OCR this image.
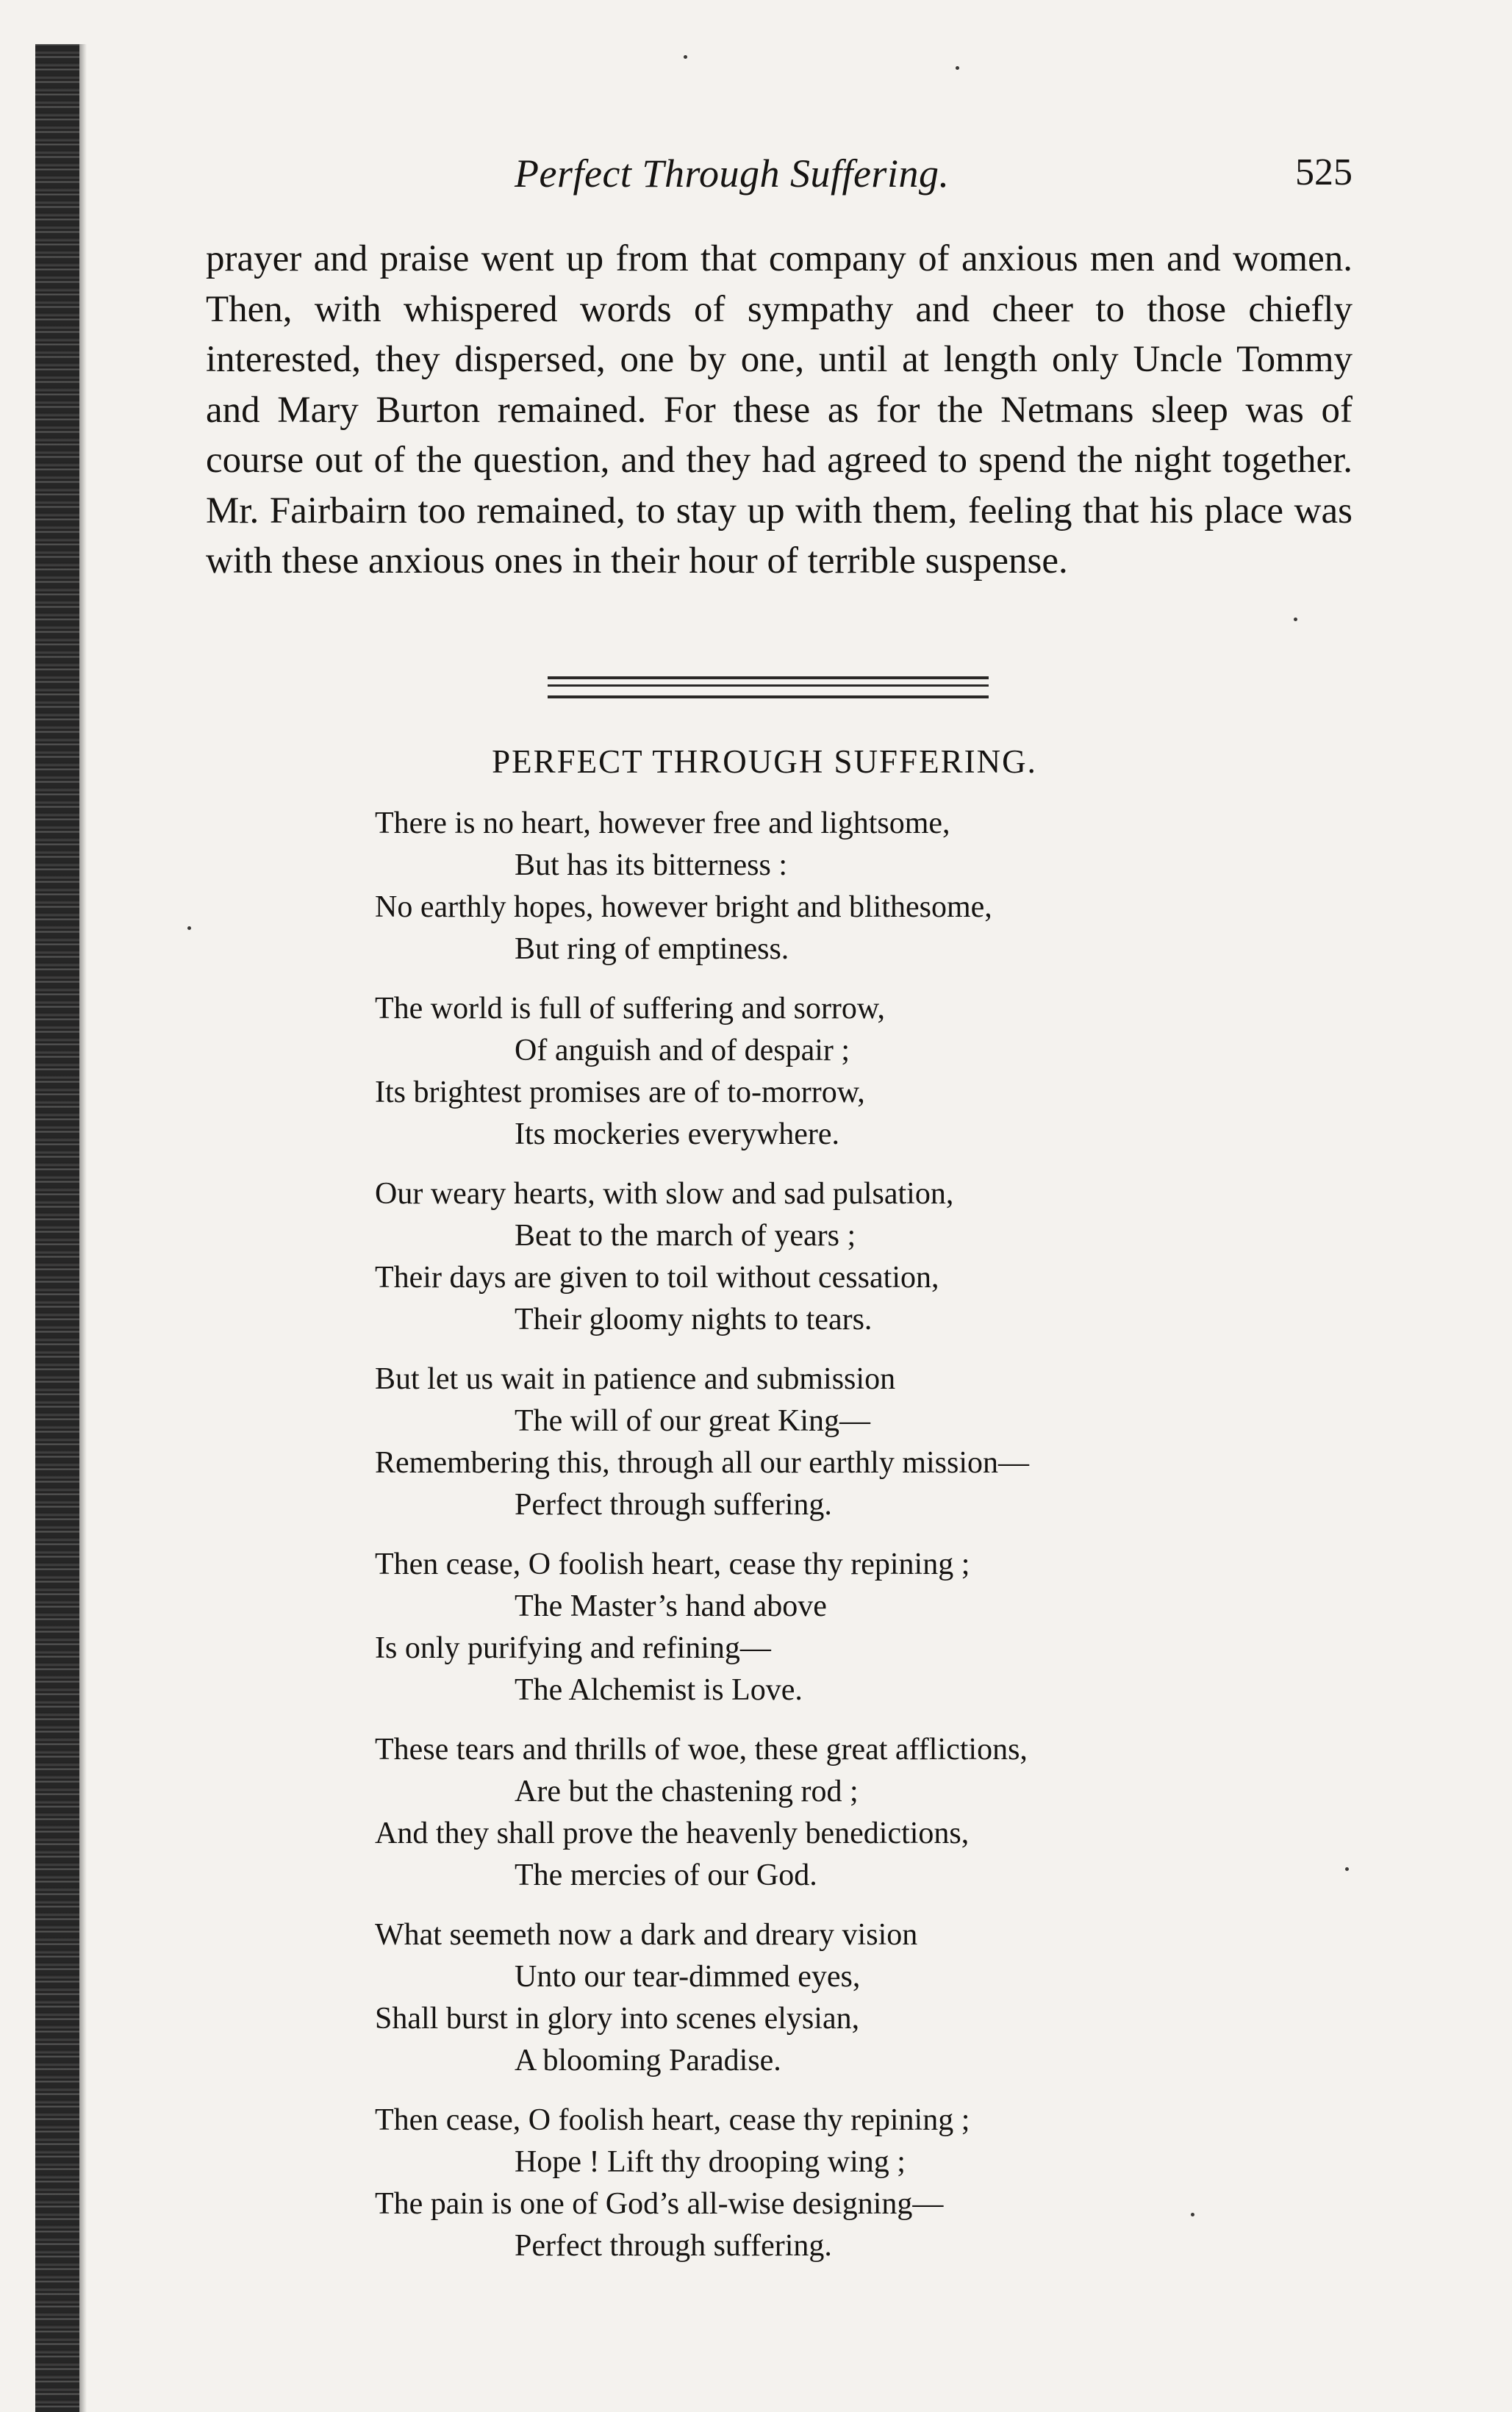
Perfect Through Suffering.	525

prayer and praise went up from that company of anxious men and women. Then, with whispered words of sympathy and cheer to those chiefly interested, they dispersed, one by one, until at length only Uncle Tommy and Mary Burton remained. For these as for the Netmans sleep was of course out of the question, and they had agreed to spend the night together. Mr. Fairbairn too remained, to stay up with them, feeling that his place was with these anxious ones in their hour of terrible suspense.

PERFECT THROUGH SUFFERING.
There is no heart, however free and lightsome,
But has its bitterness :
No earthly hopes, however bright and blithesome,
But ring of emptiness.
The world is full of suffering and sorrow,
Of anguish and of despair ;
Its brightest promises are of to-morrow,
Its mockeries everywhere.
Our weary hearts, with slow and sad pulsation,
Beat to the march of years ;
Their days are given to toil without cessation,
Their gloomy nights to tears.
But let us wait in patience and submission
The will of our great King—
Remembering this, through all our earthly mission—
Perfect through suffering.
Then cease, O foolish heart, cease thy repining ;
The Master’s hand above
Is only purifying and refining—
The Alchemist is Love.
These tears and thrills of woe, these great afflictions,
Are but the chastening rod ;
And they shall prove the heavenly benedictions,
The mercies of our God.
What seemeth now a dark and dreary vision
Unto our tear-dimmed eyes,
Shall burst in glory into scenes elysian,
A blooming Paradise.
Then cease, O foolish heart, cease thy repining ;
Hope ! Lift thy drooping wing ;
The pain is one of God’s all-wise designing—
Perfect through suffering.
